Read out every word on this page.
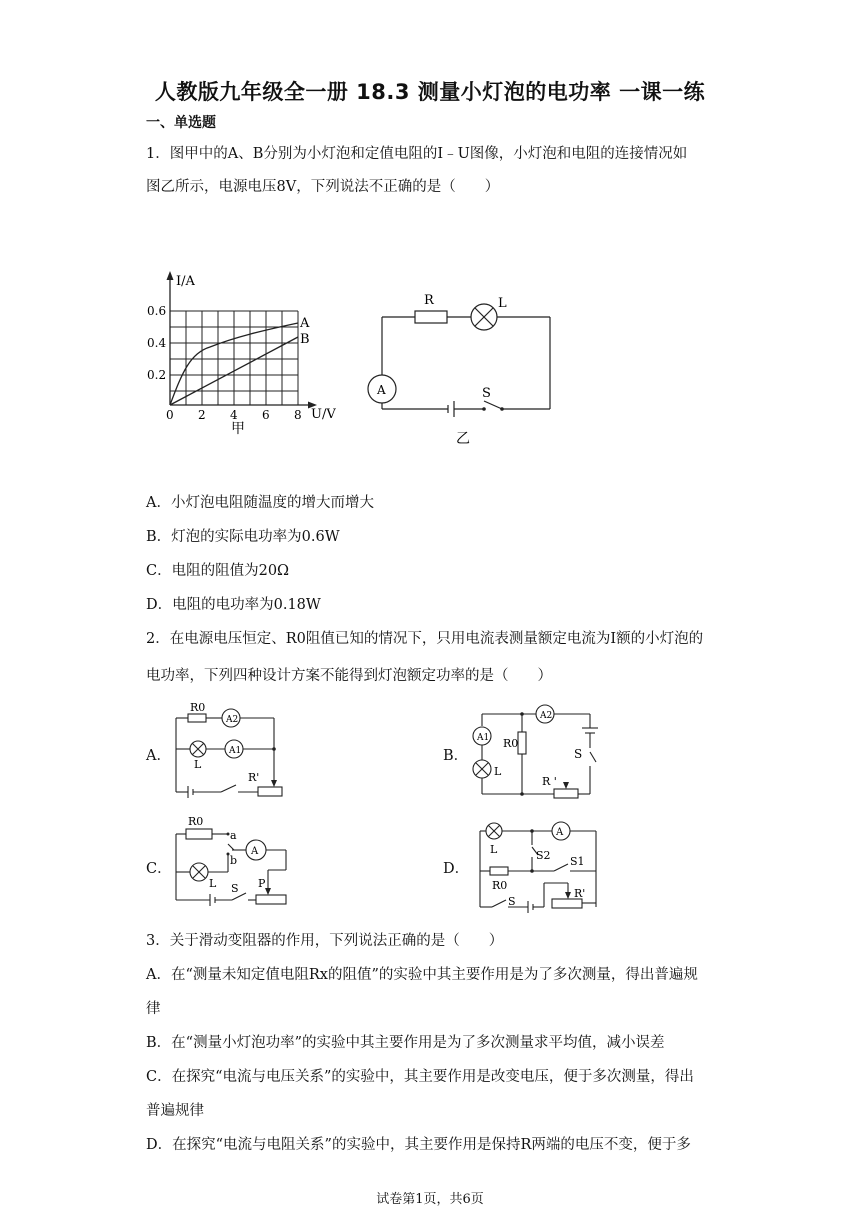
人教版九年级全一册 18.3 测量小灯泡的电功率 一课一练
一、单选题
1．图甲中的A、B分别为小灯泡和定值电阻的I﹣U图像，小灯泡和电阻的连接情况如
图乙所示，电源电压8V，下列说法不正确的是（　　）
I/A
U/V
A
B
0.6
0.4
0.2
0 2 4 6 8
甲
R	L
A	S
乙
A．小灯泡电阻随温度的增大而增大
B．灯泡的实际电功率为0.6W
C．电阻的阻值为20Ω
D．电阻的电功率为0.18W
2．在电源电压恒定、R0阻值已知的情况下，只用电流表测量额定电流为I额的小灯泡的
电功率，下列四种设计方案不能得到灯泡额定功率的是（　　）
A．
R0
A2
A1
L
R'
B．
A2
A1 R0
L
S
R '
C．
R0
a
b
A
L S P
D．
L
A
S2 S1
R0
S
R'
3．关于滑动变阻器的作用，下列说法正确的是（　　）
A．在“测量未知定值电阻Rx的阻值”的实验中其主要作用是为了多次测量，得出普遍规
律
B．在“测量小灯泡功率”的实验中其主要作用是为了多次测量求平均值，减小误差
C．在探究“电流与电压关系”的实验中，其主要作用是改变电压，便于多次测量，得出
普遍规律
D．在探究“电流与电阻关系”的实验中，其主要作用是保持R两端的电压不变，便于多
试卷第1页，共6页
